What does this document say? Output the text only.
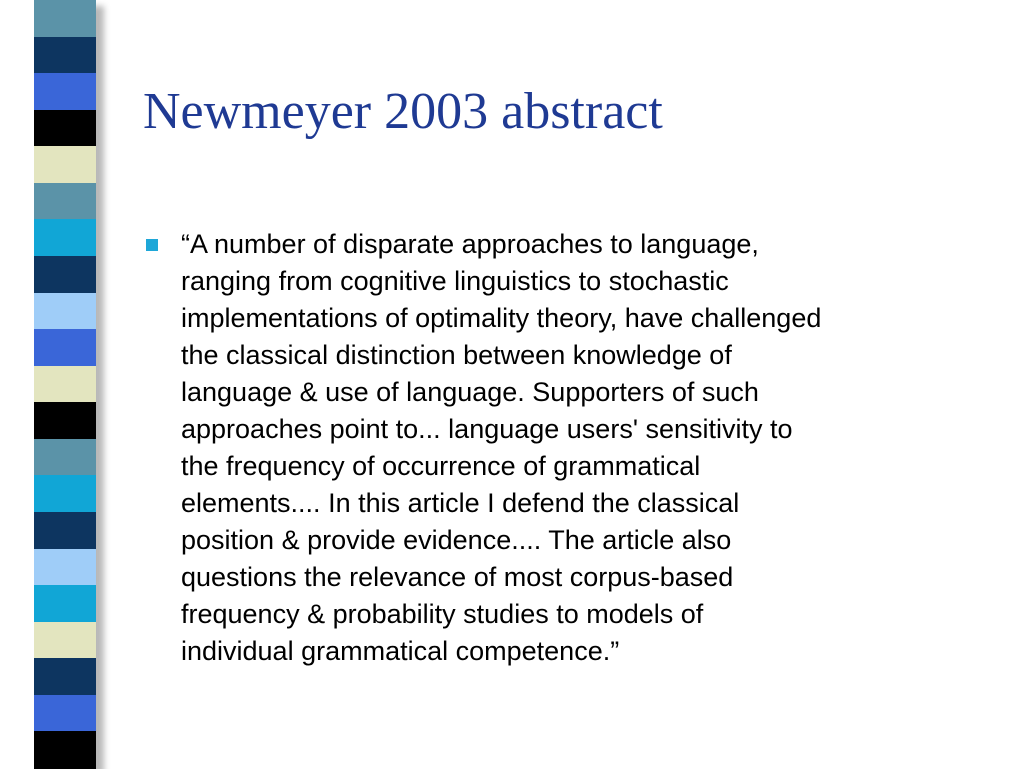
Newmeyer 2003 abstract
“A number of disparate approaches to language,
ranging from cognitive linguistics to stochastic
implementations of optimality theory, have challenged
the classical distinction between knowledge of
language & use of language. Supporters of such
approaches point to... language users' sensitivity to
the frequency of occurrence of grammatical
elements.... In this article I defend the classical
position & provide evidence.... The article also
questions the relevance of most corpus-based
frequency & probability studies to models of
individual grammatical competence.”
